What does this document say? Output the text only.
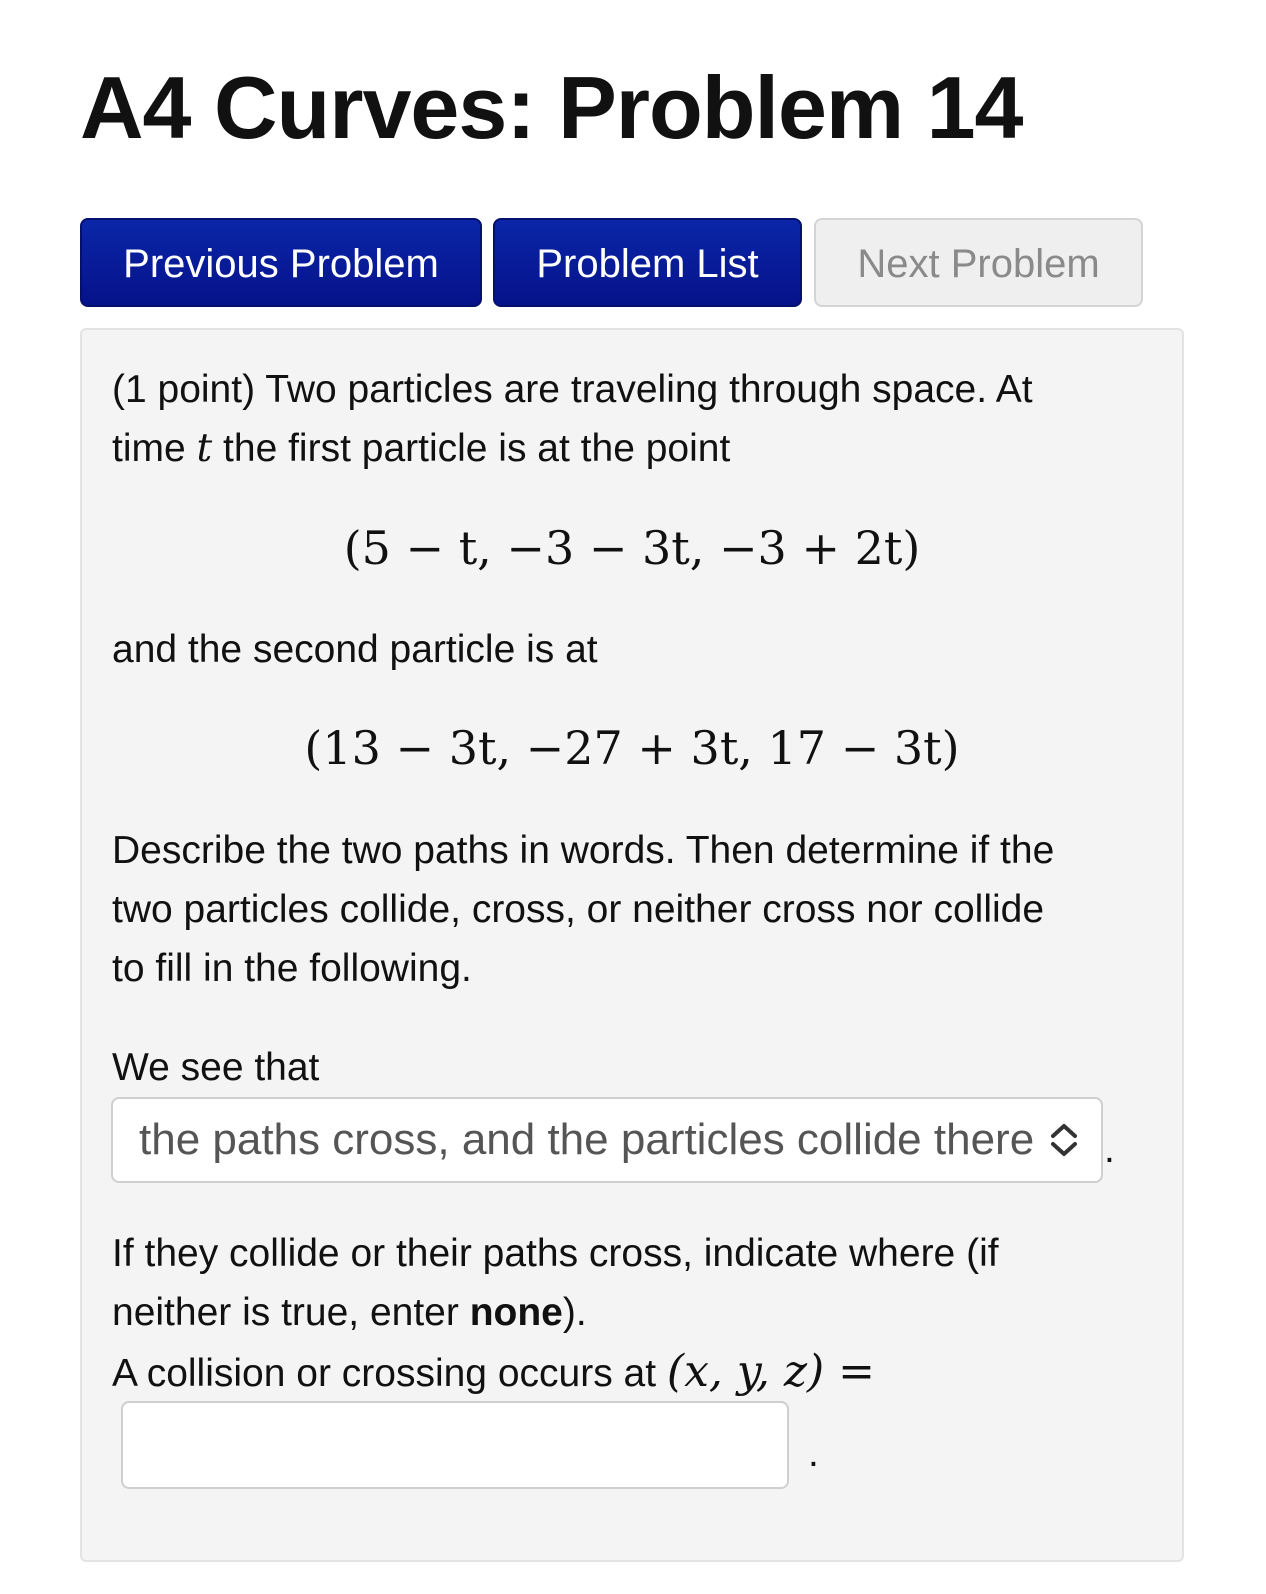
A4 Curves: Problem 14
Previous Problem	Problem List	Next Problem
(1 point) Two particles are traveling through space. At
time t the first particle is at the point
(5 − t, −3 − 3t, −3 + 2t)
and the second particle is at
(13 − 3t, −27 + 3t, 17 − 3t)
Describe the two paths in words. Then determine if the
two particles collide, cross, or neither cross nor collide
to fill in the following.
We see that
the paths cross, and the particles collide there .
If they collide or their paths cross, indicate where (if
neither is true, enter none).
A collision or crossing occurs at (x, y, z) =
.
